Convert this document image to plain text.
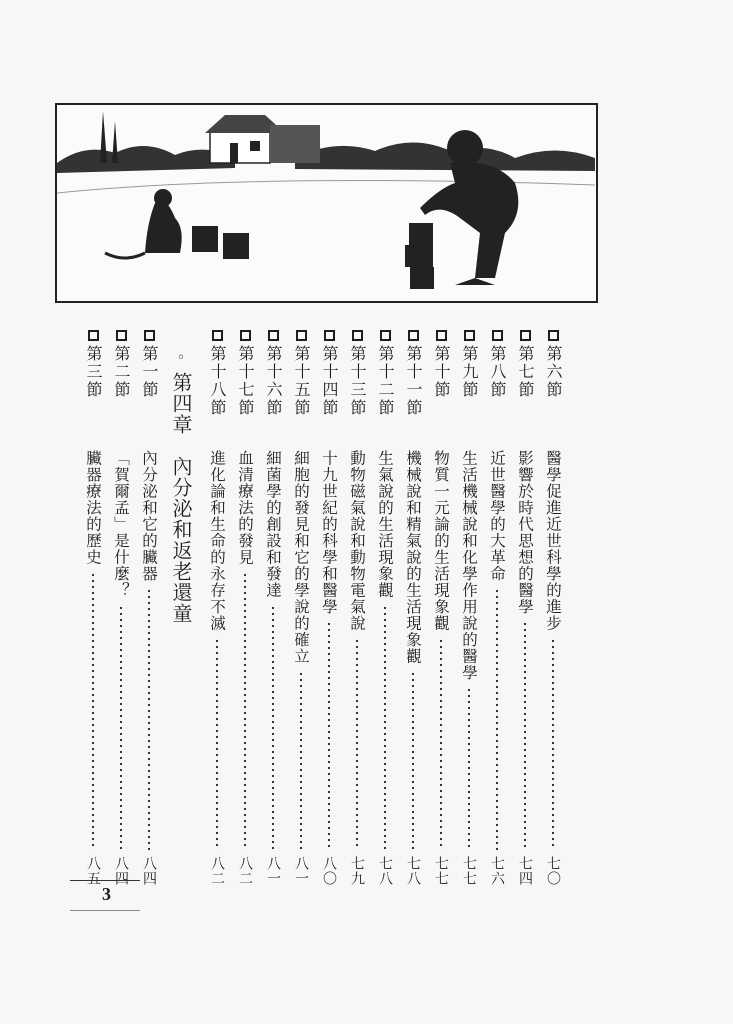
第六節
醫學促進近世科學的進步
七〇
第七節
影響於時代思想的醫學
七四
第八節
近世醫學的大革命
七六
第九節
生活機械說和化學作用說的醫學
七七
第十節
物質一元論的生活現象觀
七七
第十一節
機械說和精氣說的生活現象觀
七八
第十二節
生氣說的生活現象觀
七八
第十三節
動物磁氣說和動物電氣說
七九
第十四節
十九世紀的科學和醫學
八〇
第十五節
細胞的發見和它的學說的確立
八一
第十六節
細菌學的創設和發達
八一
第十七節
血清療法的發見
八二
第十八節
進化論和生命的永存不滅
八二
◦
第四章　內分泌和返老還童
第一節
內分泌和它的臟器
八四
第二節
「賀爾孟」是什麼？
八四
第三節
臟器療法的歷史
八五
3
